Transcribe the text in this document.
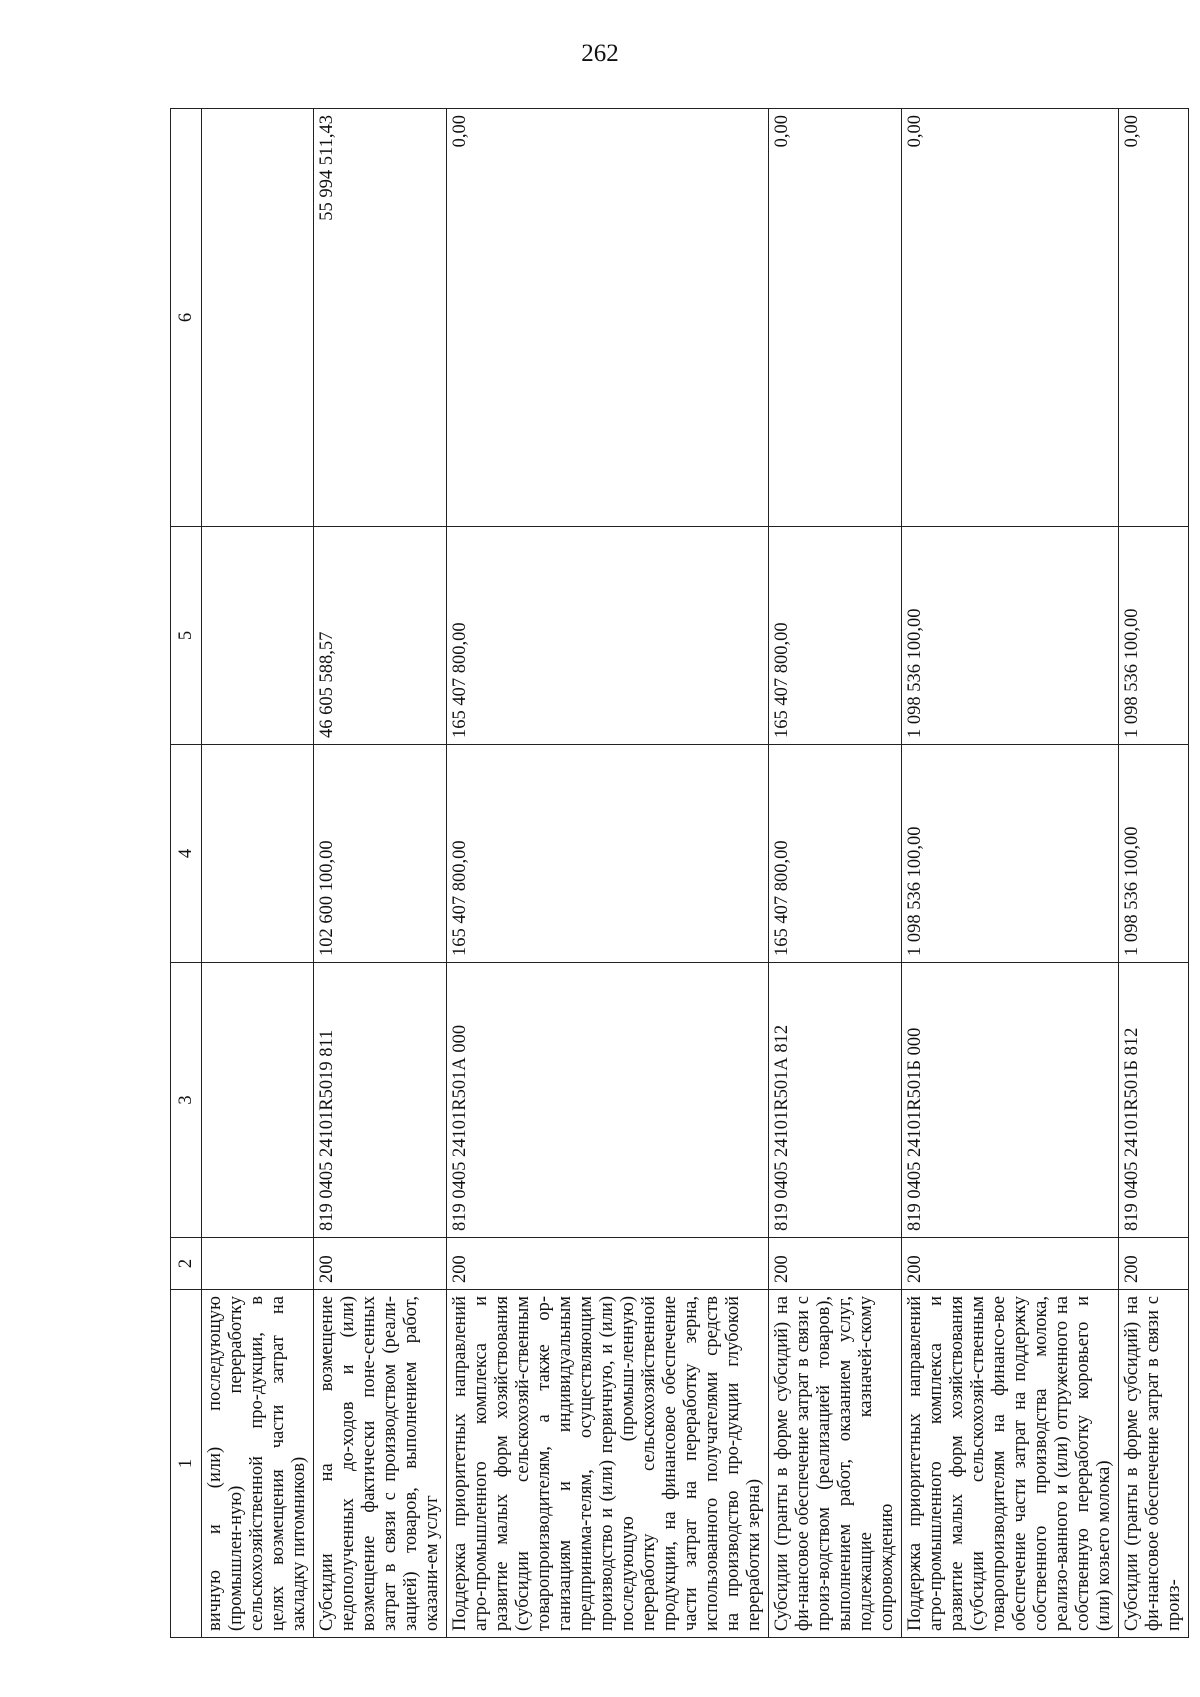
262
1	2	3	4	5	6
вичную и (или) последующую (промышлен-ную) переработку сельскохозяйственной про-дукции, в целях возмещения части затрат на закладку питомников)					
Субсидии на возмещение недополученных до-ходов и (или) возмещение фактически поне-сенных затрат в связи с производством (реали-зацией) товаров, выполнением работ, оказани-ем услуг	200	819 0405 24101R5019 811	102 600 100,00	46 605 588,57	55 994 511,43
Поддержка приоритетных направлений агро-промышленного комплекса и развитие малых форм хозяйствования (субсидии сельскохозяй-ственным товаропроизводителям, а также ор-ганизациям и индивидуальным предпринима-телям, осуществляющим производство и (или) первичную, и (или) последующую (промыш-ленную) переработку сельскохозяйственной продукции, на финансовое обеспечение части затрат на переработку зерна, использованного получателями средств на производство про-дукции глубокой переработки зерна)	200	819 0405 24101R501А 000	165 407 800,00	165 407 800,00	0,00
Субсидии (гранты в форме субсидий) на фи-нансовое обеспечение затрат в связи с произ-водством (реализацией товаров), выполнением работ, оказанием услуг, подлежащие казначей-скому сопровождению	200	819 0405 24101R501А 812	165 407 800,00	165 407 800,00	0,00
Поддержка приоритетных направлений агро-промышленного комплекса и развитие малых форм хозяйствования (субсидии сельскохозяй-ственным товаропроизводителям на финансо-вое обеспечение части затрат на поддержку собственного производства молока, реализо-ванного и (или) отгруженного на собственную переработку коровьего и (или) козьего молока)	200	819 0405 24101R501Б 000	1 098 536 100,00	1 098 536 100,00	0,00
Субсидии (гранты в форме субсидий) на фи-нансовое обеспечение затрат в связи с произ-	200	819 0405 24101R501Б 812	1 098 536 100,00	1 098 536 100,00	0,00
